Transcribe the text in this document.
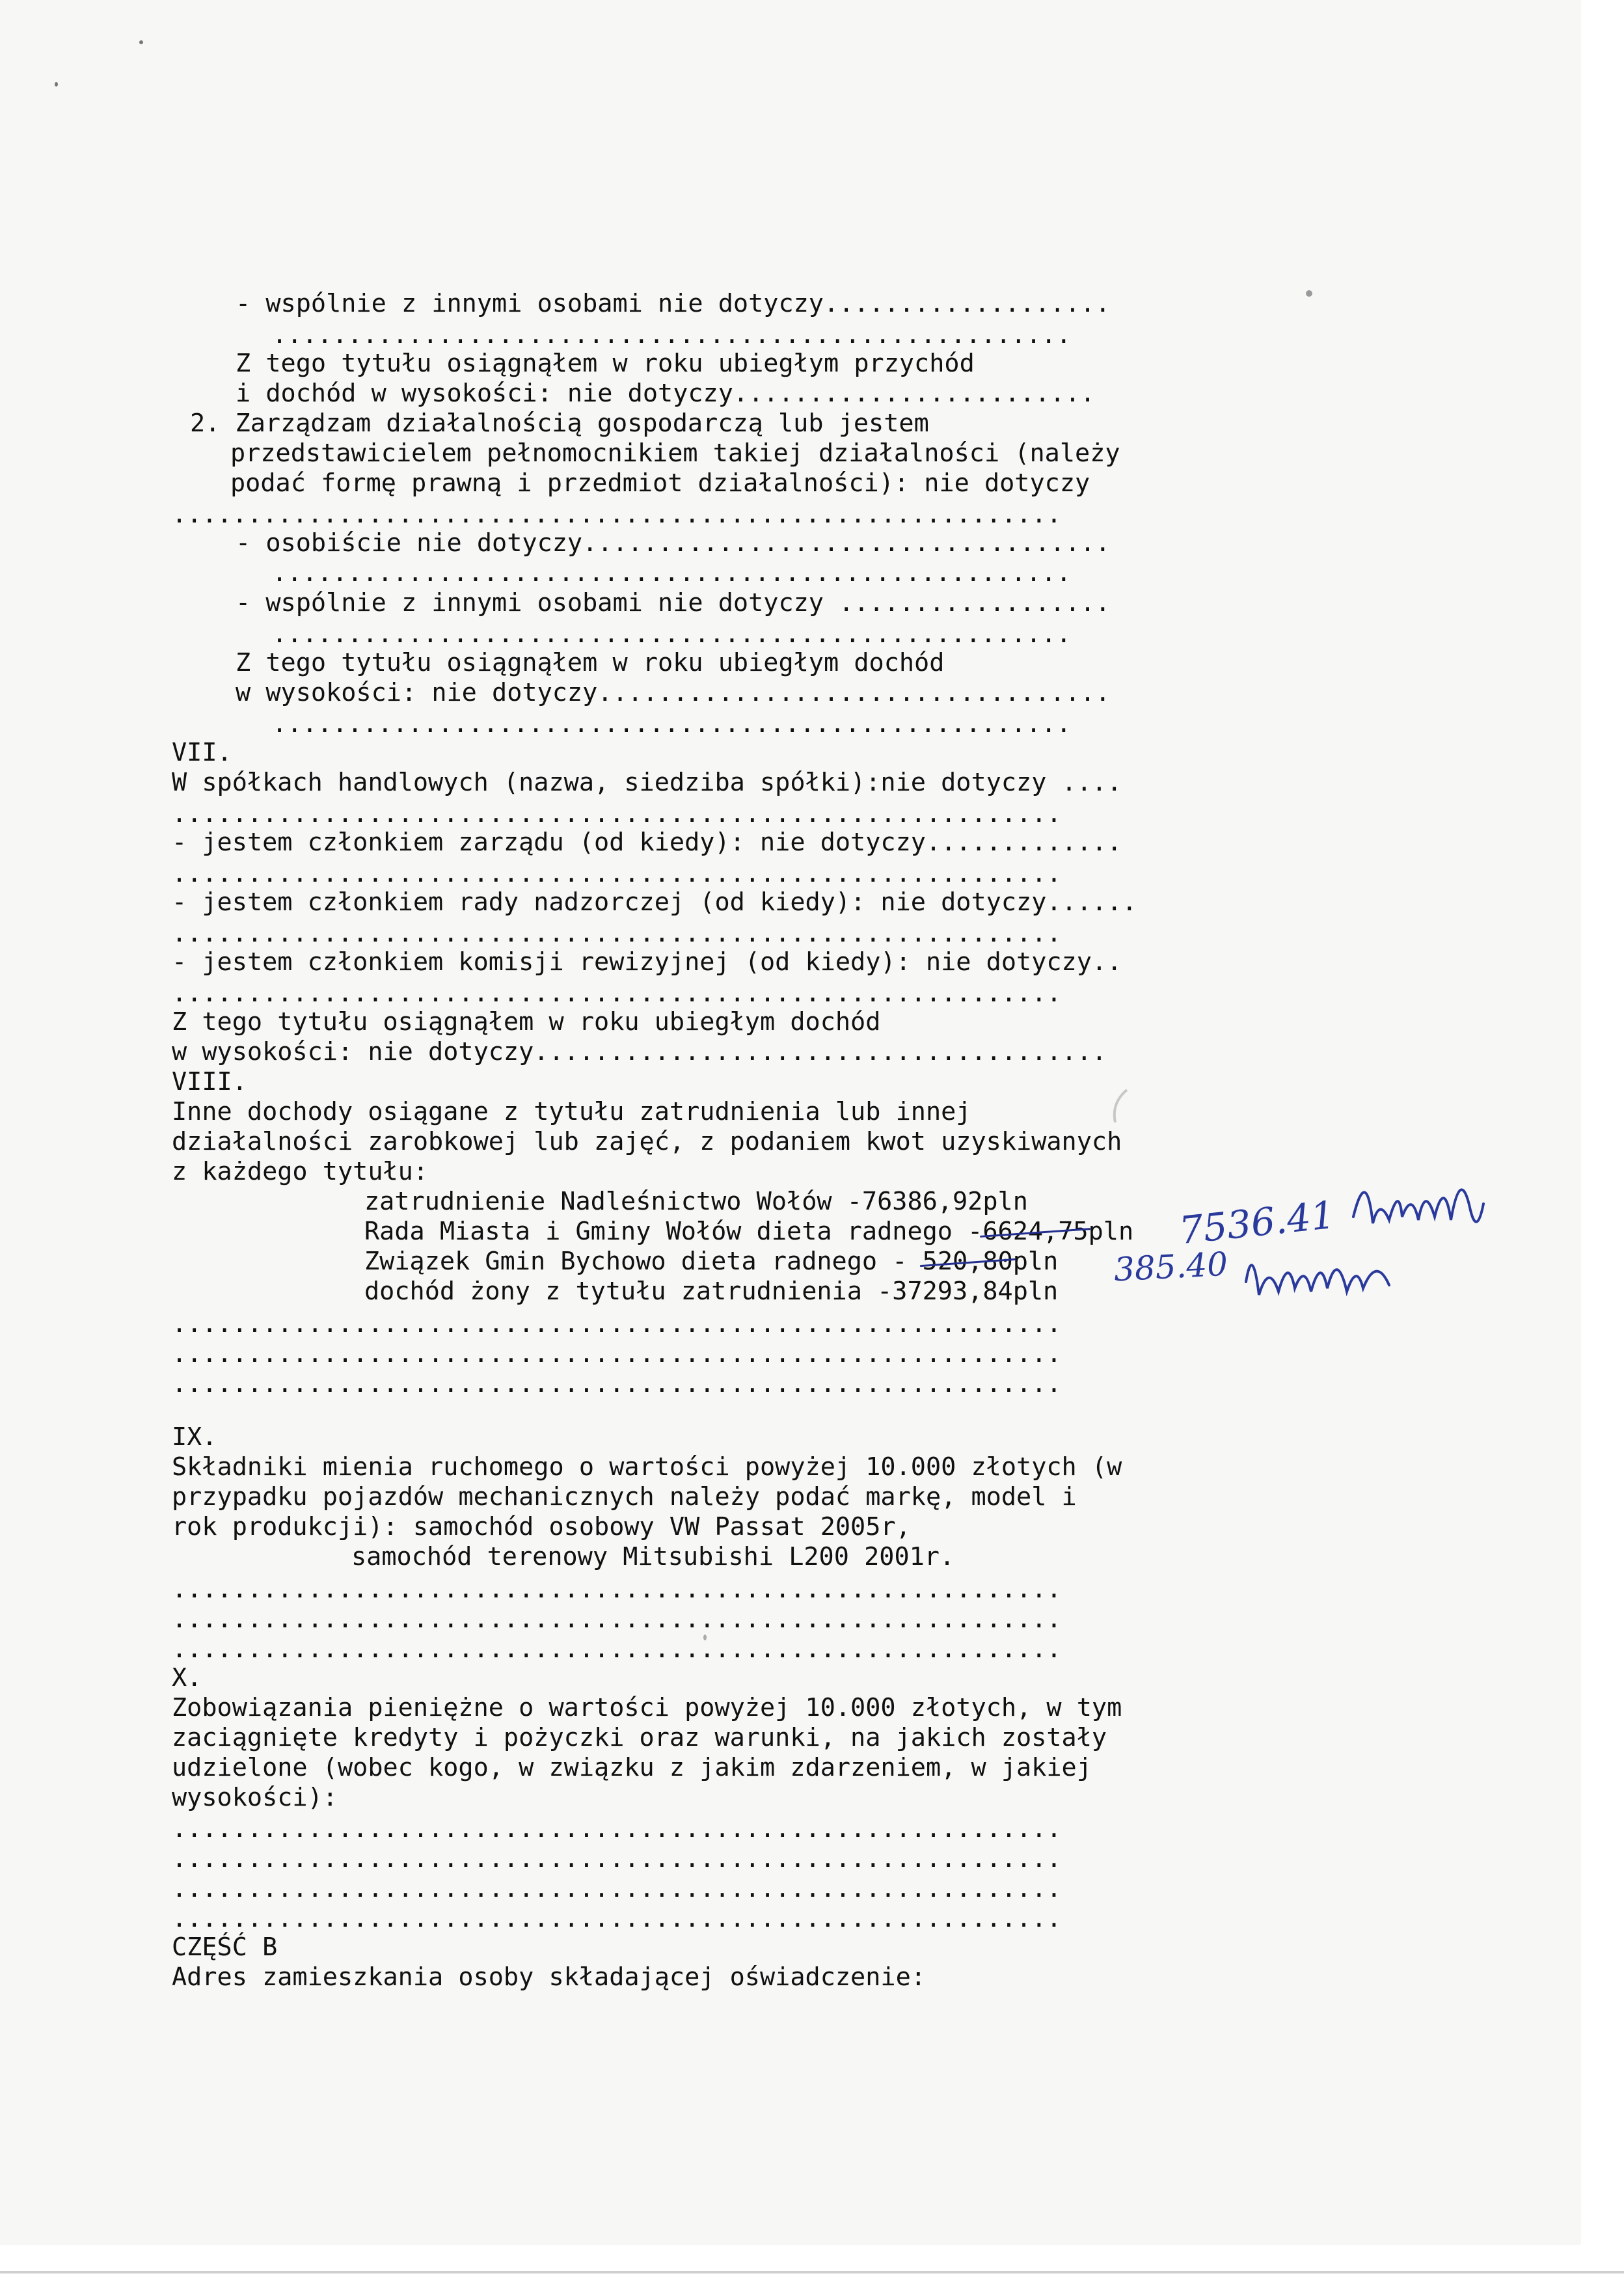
- wspólnie z innymi osobami nie dotyczy...................
.....................................................
Z tego tytułu osiągnąłem w roku ubiegłym przychód
i dochód w wysokości: nie dotyczy........................
2. Zarządzam działalnością gospodarczą lub jestem
przedstawicielem pełnomocnikiem takiej działalności (należy
podać formę prawną i przedmiot działalności): nie dotyczy
...........................................................
- osobiście nie dotyczy...................................
.....................................................
- wspólnie z innymi osobami nie dotyczy ..................
.....................................................
Z tego tytułu osiągnąłem w roku ubiegłym dochód
w wysokości: nie dotyczy..................................
.....................................................
VII.
W spółkach handlowych (nazwa, siedziba spółki):nie dotyczy ....
...........................................................
- jestem członkiem zarządu (od kiedy): nie dotyczy.............
...........................................................
- jestem członkiem rady nadzorczej (od kiedy): nie dotyczy......
...........................................................
- jestem członkiem komisji rewizyjnej (od kiedy): nie dotyczy..
...........................................................
Z tego tytułu osiągnąłem w roku ubiegłym dochód
w wysokości: nie dotyczy......................................
VIII.
Inne dochody osiągane z tytułu zatrudnienia lub innej
działalności zarobkowej lub zajęć, z podaniem kwot uzyskiwanych
z każdego tytułu:
zatrudnienie Nadleśnictwo Wołów -76386,92pln
Rada Miasta i Gminy Wołów dieta radnego -6624,75pln
Związek Gmin Bychowo dieta radnego - 520,80pln
dochód żony z tytułu zatrudnienia -37293,84pln
...........................................................
...........................................................
...........................................................
7536.41
385.40
IX.
Składniki mienia ruchomego o wartości powyżej 10.000 złotych (w
przypadku pojazdów mechanicznych należy podać markę, model i
rok produkcji): samochód osobowy VW Passat 2005r,
samochód terenowy Mitsubishi L200 2001r.
...........................................................
...........................................................
...........................................................
X.
Zobowiązania pieniężne o wartości powyżej 10.000 złotych, w tym
zaciągnięte kredyty i pożyczki oraz warunki, na jakich zostały
udzielone (wobec kogo, w związku z jakim zdarzeniem, w jakiej
wysokości):
...........................................................
...........................................................
...........................................................
...........................................................
CZĘŚĆ B
Adres zamieszkania osoby składającej oświadczenie:
